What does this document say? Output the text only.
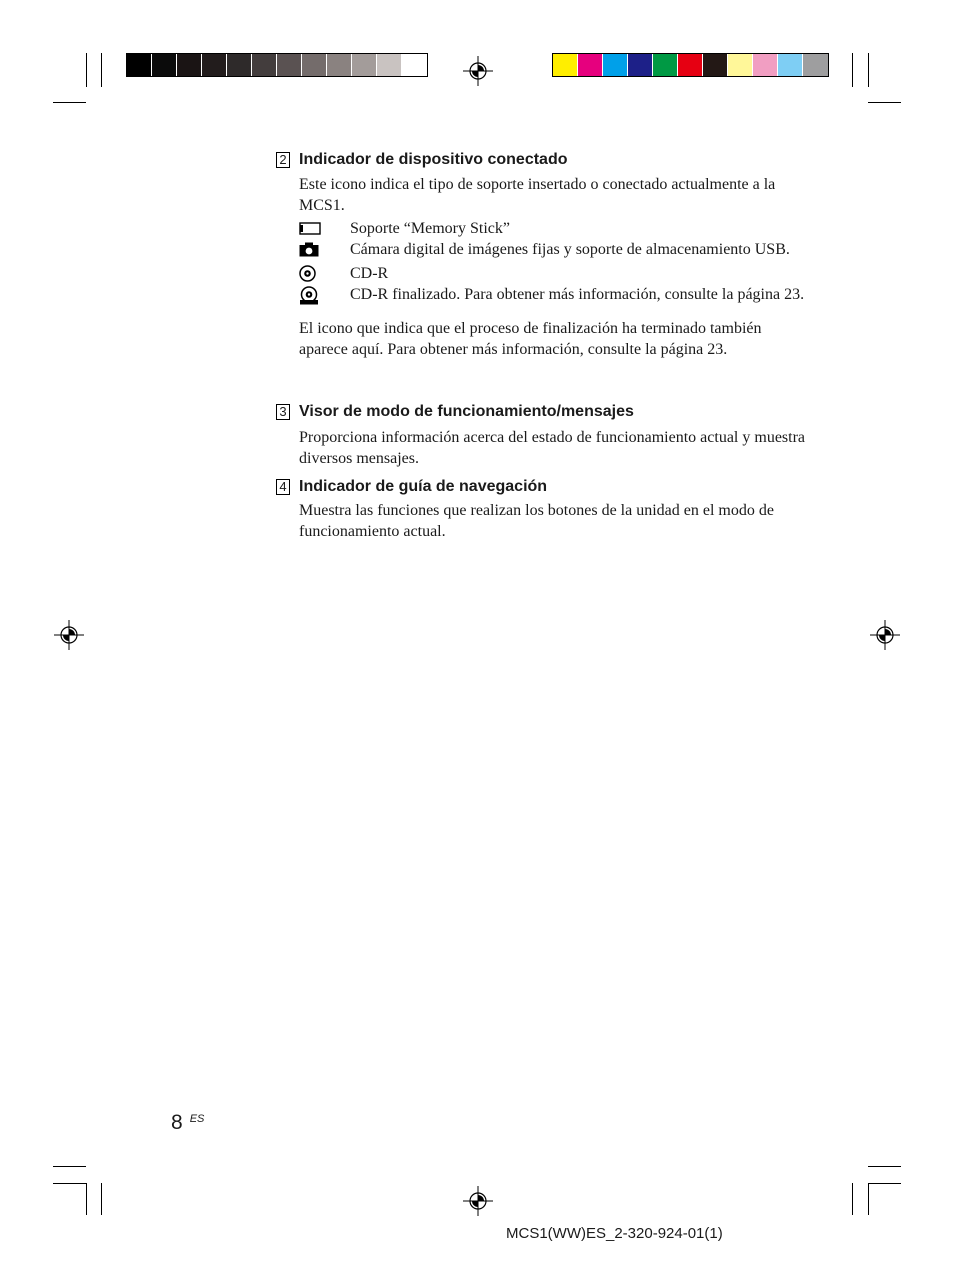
2 Indicador de dispositivo conectado

Este icono indica el tipo de soporte insertado o conectado actualmente a la MCS1.

Soporte “Memory Stick”
Cámara digital de imágenes fijas y soporte de almacenamiento USB.
CD-R
CD-R finalizado. Para obtener más información, consulte la página 23.

El icono que indica que el proceso de finalización ha terminado también aparece aquí. Para obtener más información, consulte la página 23.

3 Visor de modo de funcionamiento/mensajes

Proporciona información acerca del estado de funcionamiento actual y muestra diversos mensajes.

4 Indicador de guía de navegación

Muestra las funciones que realizan los botones de la unidad en el modo de funcionamiento actual.

8 $^{ES}$
MCS1(WW)ES_2-320-924-01(1)
